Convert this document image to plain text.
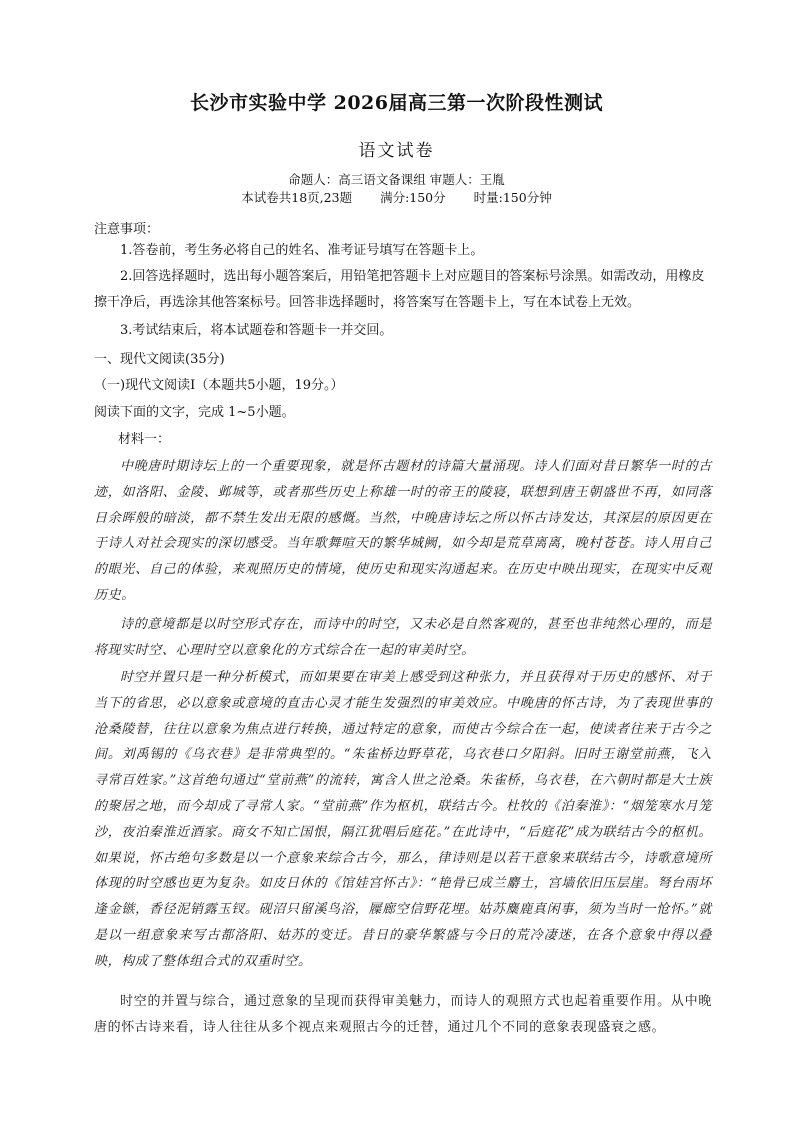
长沙市实验中学 2026届高三第一次阶段性测试
语文试卷
命题人：高三语文备课组 审题人：王胤
本试卷共18页,23题 满分:150分 时量:150分钟
注意事项：
1.答卷前，考生务必将自己的姓名、准考证号填写在答题卡上。
2.回答选择题时，选出每小题答案后，用铅笔把答题卡上对应题目的答案标号涂黑。如需改动，用橡皮擦干净后，再选涂其他答案标号。回答非选择题时，将答案写在答题卡上，写在本试卷上无效。
3.考试结束后，将本试题卷和答题卡一并交回。
一、现代文阅读(35分)
（一)现代文阅读Ⅰ（本题共5小题，19分。）
阅读下面的文字，完成 1~5小题。
材料一：

中晚唐时期诗坛上的一个重要现象，就是怀古题材的诗篇大量涌现。诗人们面对昔日繁华一时的古迹，如洛阳、金陵、邺城等，或者那些历史上称雄一时的帝王的陵寝，联想到唐王朝盛世不再，如同落日余晖般的暗淡，都不禁生发出无限的感慨。当然，中晚唐诗坛之所以怀古诗发达，其深层的原因更在于诗人对社会现实的深切感受。当年歌舞喧天的繁华城阙，如今却是荒草离离，晚村苍苍。诗人用自己的眼光、自己的体验，来观照历史的情境，使历史和现实沟通起来。在历史中映出现实，在现实中反观历史。

诗的意境都是以时空形式存在，而诗中的时空，又未必是自然客观的，甚至也非纯然心理的，而是将现实时空、心理时空以意象化的方式综合在一起的审美时空。

时空并置只是一种分析模式，而如果要在审美上感受到这种张力，并且获得对于历史的感怀、对于当下的省思，必以意象或意境的直击心灵才能生发强烈的审美效应。中晚唐的怀古诗，为了表现世事的沧桑陵替，往往以意象为焦点进行转换，通过特定的意象，而使古今综合在一起，使读者往来于古今之间。刘禹锡的《乌衣巷》是非常典型的。“朱雀桥边野草花，乌衣巷口夕阳斜。旧时王谢堂前燕，飞入寻常百姓家。”这首绝句通过“堂前燕”的流转，寓含人世之沧桑。朱雀桥，乌衣巷，在六朝时都是大士族的聚居之地，而今却成了寻常人家。“堂前燕”作为枢机，联结古今。杜牧的《泊秦淮》：“烟笼寒水月笼沙，夜泊秦淮近酒家。商女不知亡国恨，隔江犹唱后庭花。”在此诗中，“后庭花”成为联结古今的枢机。如果说，怀古绝句多数是以一个意象来综合古今，那么，律诗则是以若干意象来联结古今，诗歌意境所体现的时空感也更为复杂。如皮日休的《馆娃宫怀古》：“艳骨已成兰麝土，宫墙依旧压层崖。弩台雨坏逢金镞，香径泥销露玉钗。砚沼只留溪鸟浴，屧廊空信野花埋。姑苏麋鹿真闲事，须为当时一怆怀。”就是以一组意象来写古都洛阳、姑苏的变迁。昔日的豪华繁盛与今日的荒冷凄迷，在各个意象中得以叠映，构成了整体组合式的双重时空。

时空的并置与综合，通过意象的呈现而获得审美魅力，而诗人的观照方式也起着重要作用。从中晚唐的怀古诗来看，诗人往往从多个视点来观照古今的迁替，通过几个不同的意象表现盛衰之感。
